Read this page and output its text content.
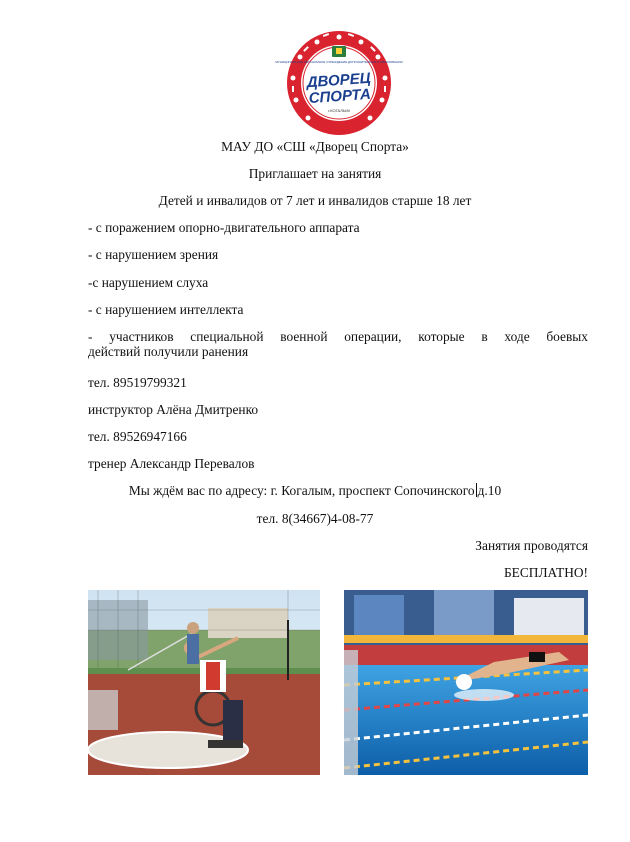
МУНИЦИПАЛЬНОЕ АВТОНОМНОЕ УЧРЕЖДЕНИЕ ДОПОЛНИТЕЛЬНОГО ОБРАЗОВАНИЯ
ДВОРЕЦ
СПОРТА
г.КОГАЛЫМ
МАУ ДО «СШ «Дворец Спорта»
Приглашает на занятия
Детей и инвалидов от 7 лет и инвалидов старше 18 лет
- с поражением опорно-двигательного аппарата
- с нарушением зрения
-с нарушением слуха
- с нарушением интеллекта
- участников специальной военной операции, которые в ходе боевых
действий получили ранения
тел. 89519799321
инструктор Алёна Дмитренко
тел. 89526947166
тренер Александр Перевалов
Мы ждём вас по адресу: г. Когалым, проспект Сопочинского д.10
тел. 8(34667)4-08-77
Занятия проводятся
БЕСПЛАТНО!
